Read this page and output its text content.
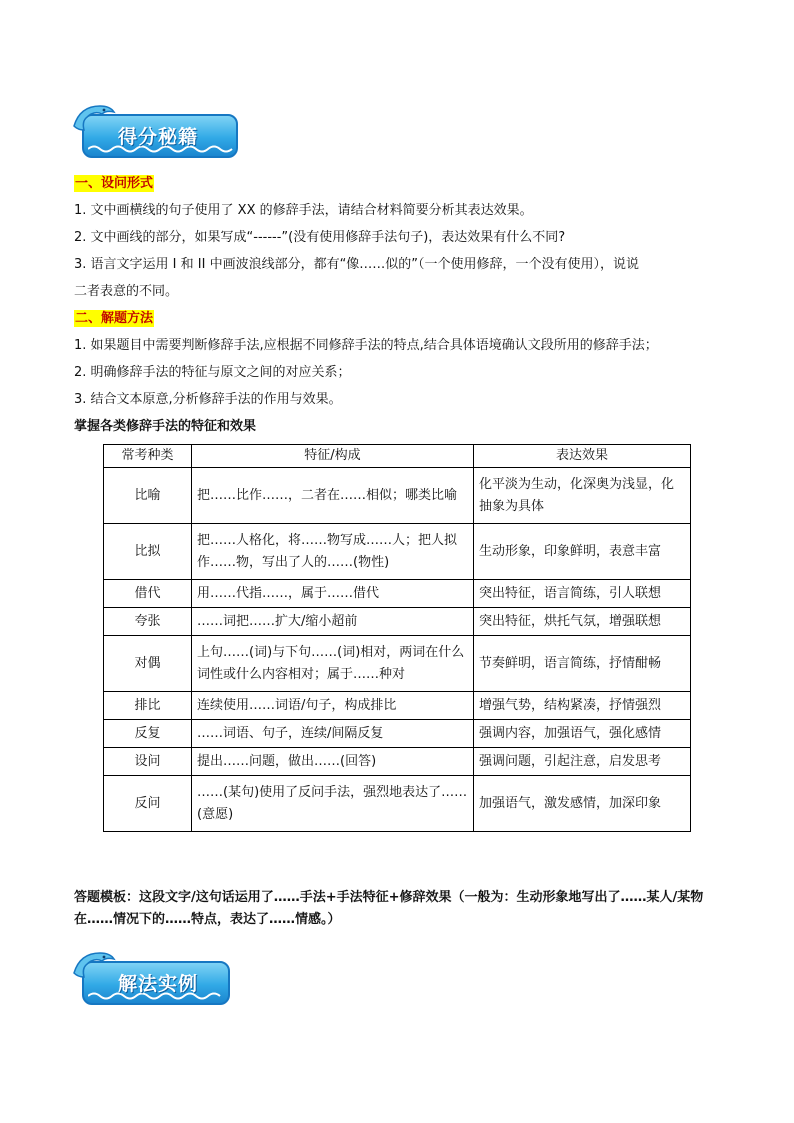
得分秘籍
一、设问形式
1. 文中画横线的句子使用了 XX 的修辞手法，请结合材料简要分析其表达效果。
2. 文中画线的部分，如果写成“------”(没有使用修辞手法句子)，表达效果有什么不同?
3. 语言文字运用 I 和 II 中画波浪线部分，都有“像……似的”（一个使用修辞，一个没有使用），说说
二者表意的不同。
二、解题方法
1. 如果题目中需要判断修辞手法,应根据不同修辞手法的特点,结合具体语境确认文段所用的修辞手法；
2. 明确修辞手法的特征与原文之间的对应关系；
3. 结合文本原意,分析修辞手法的作用与效果。
掌握各类修辞手法的特征和效果
常考种类	特征/构成	表达效果
比喻	把……比作……，二者在……相似；哪类比喻	化平淡为生动，化深奥为浅显，化抽象为具体
比拟	把……人格化，将……物写成……人；把人拟作……物，写出了人的……(物性)	生动形象，印象鲜明，表意丰富
借代	用……代指……，属于……借代	突出特征，语言简练，引人联想
夸张	……词把……扩大/缩小超前	突出特征，烘托气氛，增强联想
对偶	上句……(词)与下句……(词)相对，两词在什么词性或什么内容相对；属于……种对	节奏鲜明，语言简练，抒情酣畅
排比	连续使用……词语/句子，构成排比	增强气势，结构紧凑，抒情强烈
反复	……词语、句子，连续/间隔反复	强调内容，加强语气，强化感情
设问	提出……问题，做出……(回答)	强调问题，引起注意，启发思考
反问	……(某句)使用了反问手法，强烈地表达了……(意愿)	加强语气，激发感情，加深印象
答题模板：这段文字/这句话运用了……手法+手法特征+修辞效果（一般为：生动形象地写出了……某人/某物在……情况下的……特点，表达了……情感。）
解法实例
